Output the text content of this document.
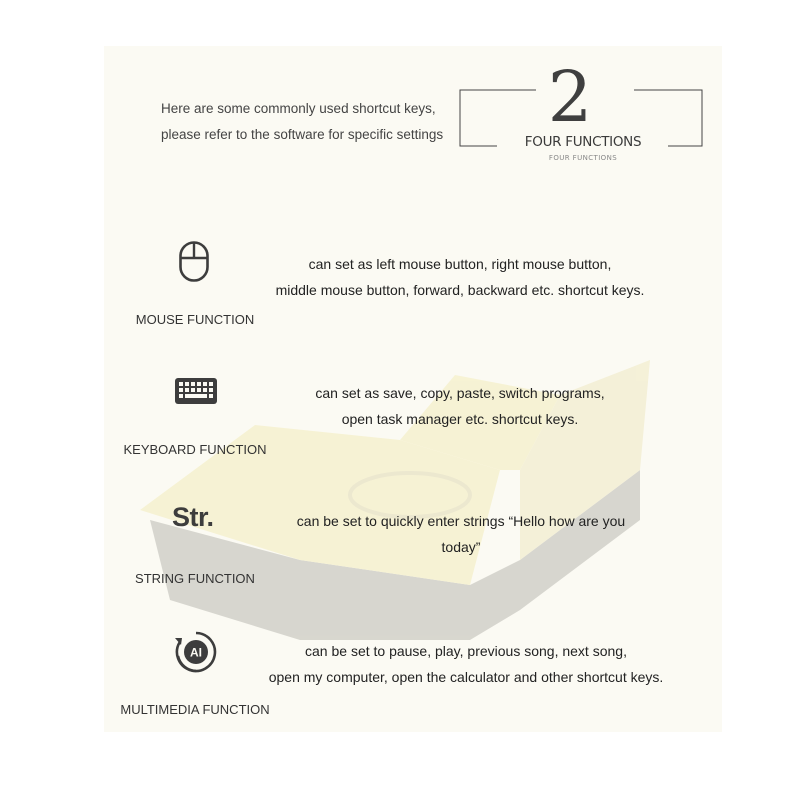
Here are some commonly used shortcut keys,
please refer to the software for specific settings 2
FOUR FUNCTIONS
FOUR FUNCTIONS
can set as left mouse button, right mouse button,
middle mouse button, forward, backward etc. shortcut keys.
MOUSE FUNCTION
can set as save, copy, paste, switch programs,
open task manager etc. shortcut keys.
KEYBOARD FUNCTION
Str.	can be set to quickly enter strings “Hello how are you
today”
STRING FUNCTION
AI	can be set to pause, play, previous song, next song,
open my computer, open the calculator and other shortcut keys.
MULTIMEDIA FUNCTION
